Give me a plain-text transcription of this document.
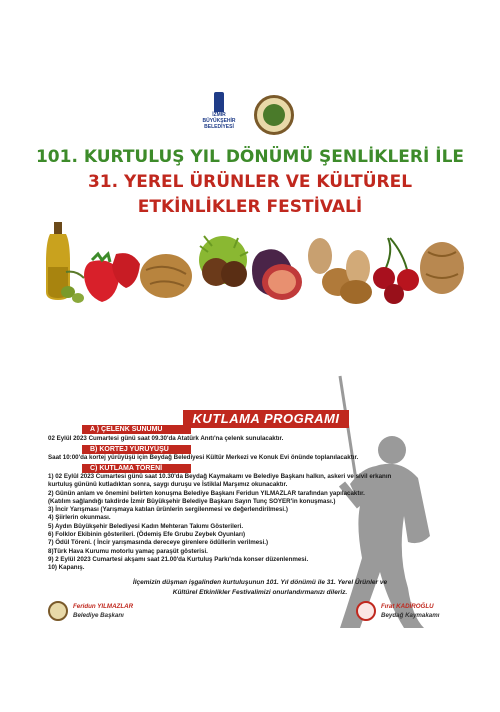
İZMİR
BÜYÜKŞEHİR
BELEDİYESİ
101. KURTULUŞ YIL DÖNÜMÜ ŞENLİKLERİ İLE
31. YEREL ÜRÜNLER VE KÜLTÜREL
ETKİNLİKLER FESTİVALİ
KUTLAMA PROGRAMI
A ) ÇELENK SUNUMU
02 Eylül 2023 Cumartesi günü saat 09.30'da Atatürk Anıtı'na çelenk sunulacaktır.
B) KORTEJ YÜRÜYÜŞÜ
Saat 10:00'da kortej yürüyüşü için Beydağ Belediyesi Kültür Merkezi ve Konuk Evi önünde toplanılacaktır.
C) KUTLAMA TÖRENİ
1) 02 Eylül 2023 Cumartesi günü saat 10.30'da Beydağ Kaymakamı ve Belediye Başkanı halkın, askeri ve sivil erkanın
kurtuluş gününü kutladıktan sonra, saygı duruşu ve İstiklal Marşımız okunacaktır.
2) Günün anlam ve önemini belirten konuşma Belediye Başkanı Feridun YILMAZLAR tarafından yapılacaktır.
(Katılım sağlandığı takdirde İzmir Büyükşehir Belediye Başkanı Sayın Tunç SOYER'in konuşması.)
3) İncir Yarışması (Yarışmaya katılan ürünlerin sergilenmesi ve değerlendirilmesi.)
4) Şiirlerin okunması.
5) Aydın Büyükşehir Belediyesi Kadın Mehteran Takımı Gösterileri.
6) Folklor Ekibinin gösterileri. (Ödemiş Efe Grubu Zeybek Oyunları)
7) Ödül Töreni. ( İncir yarışmasında dereceye girenlere ödüllerin verilmesi.)
8)Türk Hava Kurumu motorlu yamaç paraşüt gösterisi.
9) 2 Eylül 2023 Cumartesi akşamı saat 21.00'da Kurtuluş Parkı'nda konser düzenlenmesi.
10) Kapanış.
İlçemizin düşman işgalinden kurtuluşunun 101. Yıl dönümü ile 31. Yerel Ürünler ve
Kültürel Etkinlikler Festivalimizi onurlandırmanızı dileriz.
Feridun YILMAZLAR
Belediye Başkanı
Fırat KADİROĞLU
Beydağ Kaymakamı
